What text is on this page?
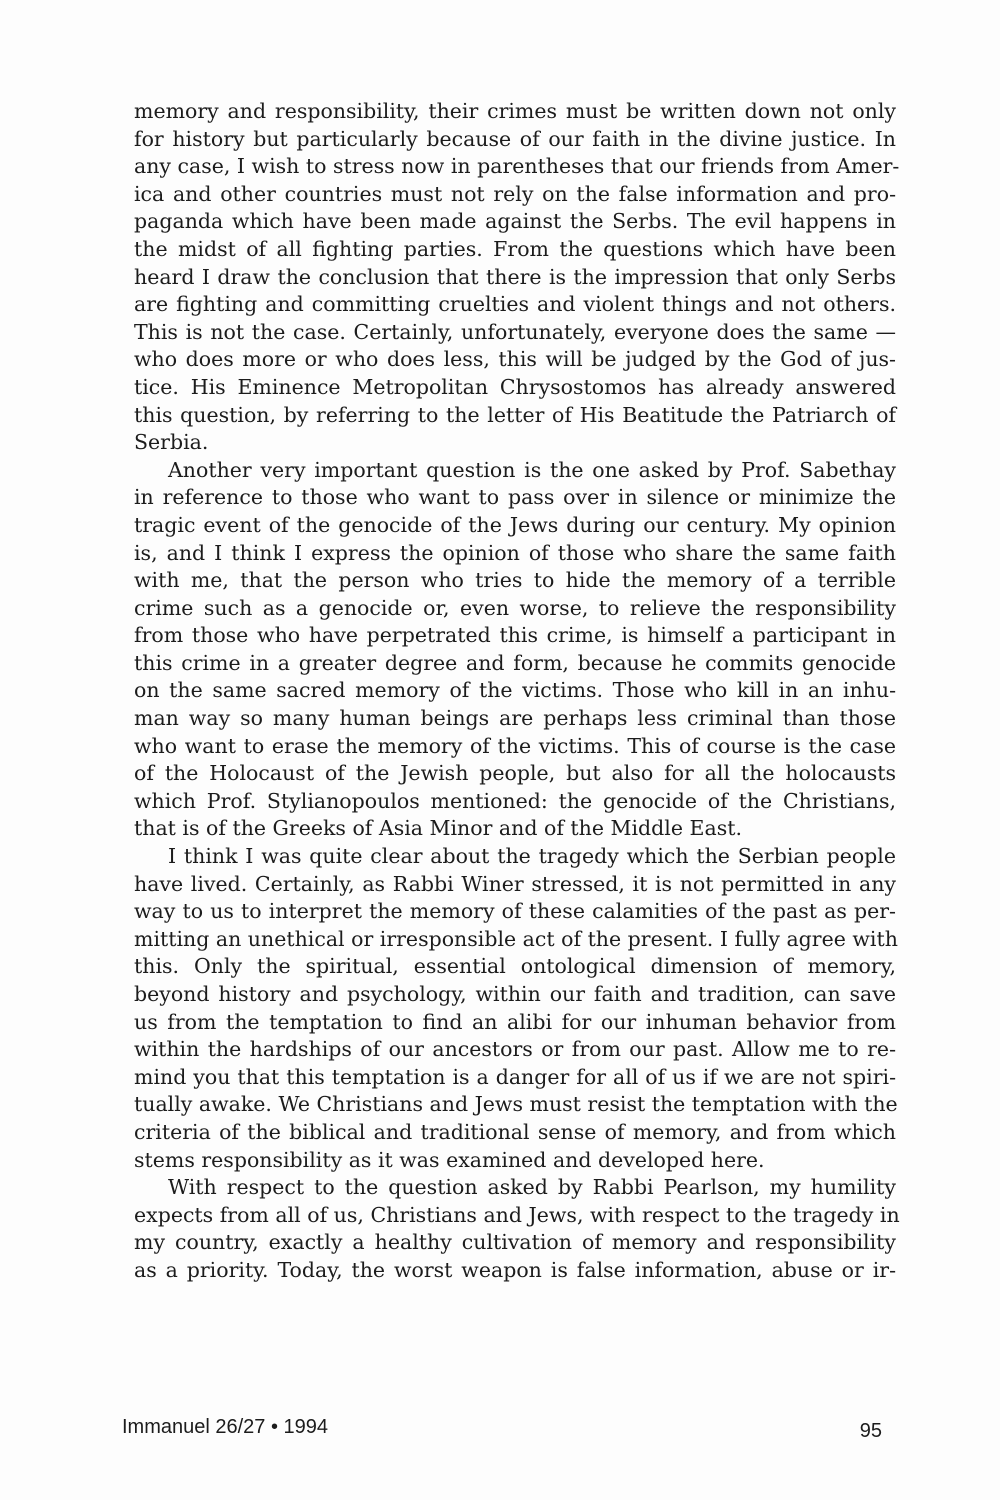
memory and responsibility, their crimes must be written down not only
for history but particularly because of our faith in the divine justice. In
any case, I wish to stress now in parentheses that our friends from Amer-
ica and other countries must not rely on the false information and pro-
paganda which have been made against the Serbs. The evil happens in
the midst of all fighting parties. From the questions which have been
heard I draw the conclusion that there is the impression that only Serbs
are fighting and committing cruelties and violent things and not others.
This is not the case. Certainly, unfortunately, everyone does the same —
who does more or who does less, this will be judged by the God of jus-
tice. His Eminence Metropolitan Chrysostomos has already answered
this question, by referring to the letter of His Beatitude the Patriarch of
Serbia.
Another very important question is the one asked by Prof. Sabethay
in reference to those who want to pass over in silence or minimize the
tragic event of the genocide of the Jews during our century. My opinion
is, and I think I express the opinion of those who share the same faith
with me, that the person who tries to hide the memory of a terrible
crime such as a genocide or, even worse, to relieve the responsibility
from those who have perpetrated this crime, is himself a participant in
this crime in a greater degree and form, because he commits genocide
on the same sacred memory of the victims. Those who kill in an inhu-
man way so many human beings are perhaps less criminal than those
who want to erase the memory of the victims. This of course is the case
of the Holocaust of the Jewish people, but also for all the holocausts
which Prof. Stylianopoulos mentioned: the genocide of the Christians,
that is of the Greeks of Asia Minor and of the Middle East.
I think I was quite clear about the tragedy which the Serbian people
have lived. Certainly, as Rabbi Winer stressed, it is not permitted in any
way to us to interpret the memory of these calamities of the past as per-
mitting an unethical or irresponsible act of the present. I fully agree with
this. Only the spiritual, essential ontological dimension of memory,
beyond history and psychology, within our faith and tradition, can save
us from the temptation to find an alibi for our inhuman behavior from
within the hardships of our ancestors or from our past. Allow me to re-
mind you that this temptation is a danger for all of us if we are not spiri-
tually awake. We Christians and Jews must resist the temptation with the
criteria of the biblical and traditional sense of memory, and from which
stems responsibility as it was examined and developed here.
With respect to the question asked by Rabbi Pearlson, my humility
expects from all of us, Christians and Jews, with respect to the tragedy in
my country, exactly a healthy cultivation of memory and responsibility
as a priority. Today, the worst weapon is false information, abuse or ir-
Immanuel 26/27 • 1994	95
